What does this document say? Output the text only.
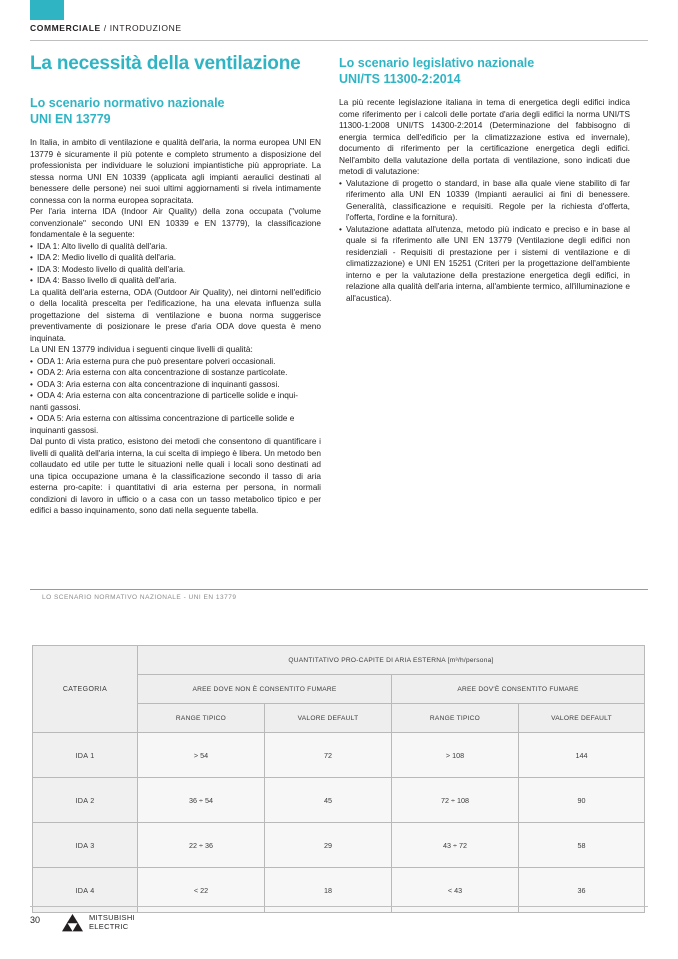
COMMERCIALE / INTRODUZIONE
La necessità della ventilazione
Lo scenario normativo nazionale
UNI EN 13779

In Italia, in ambito di ventilazione e qualità dell'aria, la norma europea UNI EN 13779 è sicuramente il più potente e completo strumento a disposizione del professionista per individuare le soluzioni impiantistiche più appropriate. La stessa norma UNI EN 10339 (applicata agli impianti aeraulici destinati al benessere delle persone) nei suoi ultimi aggiornamenti si rivela intimamente connessa con la norma europea sopracitata.

Per l'aria interna IDA (Indoor Air Quality) della zona occupata ("volume convenzionale" secondo UNI EN 10339 e EN 13779), la classificazione fondamentale è la seguente:

• IDA 1: Alto livello di qualità dell'aria.
• IDA 2: Medio livello di qualità dell'aria.
• IDA 3: Modesto livello di qualità dell'aria.
• IDA 4: Basso livello di qualità dell'aria.

La qualità dell'aria esterna, ODA (Outdoor Air Quality), nei dintorni nell'edificio o della località prescelta per l'edificazione, ha una elevata influenza sulla progettazione del sistema di ventilazione e buona norma suggerisce preventivamente di posizionare le prese d'aria ODA dove questa è meno inquinata.

La UNI EN 13779 individua i seguenti cinque livelli di qualità:

• ODA 1: Aria esterna pura che può presentare polveri occasionali.
• ODA 2: Aria esterna con alta concentrazione di sostanze particolate.
• ODA 3: Aria esterna con alta concentrazione di inquinanti gassosi.
• ODA 4: Aria esterna con alta concentrazione di particelle solide e inqui-
nanti gassosi.
• ODA 5: Aria esterna con altissima concentrazione di particelle solide e
inquinanti gassosi.

Dal punto di vista pratico, esistono dei metodi che consentono di quantificare i livelli di qualità dell'aria interna, la cui scelta di impiego è libera. Un metodo ben collaudato ed utile per tutte le situazioni nelle quali i locali sono destinati ad una tipica occupazione umana è la classificazione secondo il tasso di aria esterna pro-capite: i quantitativi di aria esterna per persona, in normali condizioni di lavoro in ufficio o a casa con un tasso metabolico tipico e per edifici a basso inquinamento, sono dati nella seguente tabella.

Lo scenario legislativo nazionale
UNI/TS 11300-2:2014

La più recente legislazione italiana in tema di energetica degli edifici indica come riferimento per i calcoli delle portate d'aria degli edifici la norma UNI/TS 11300-1:2008 UNI/TS 14300-2:2014 (Determinazione del fabbisogno di energia termica dell'edificio per la climatizzazione estiva ed invernale), documento di riferimento per la certificazione energetica degli edifici. Nell'ambito della valutazione della portata di ventilazione, sono indicati due metodi di valutazione:

• Valutazione di progetto o standard, in base alla quale viene stabilito di far riferimento alla UNI EN 10339 (Impianti aeraulici ai fini di benessere. Generalità, classificazione e requisiti. Regole per la richiesta d'offerta, l'offerta, l'ordine e la fornitura).
• Valutazione adattata all'utenza, metodo più indicato e preciso e in base al quale si fa riferimento alle UNI EN 13779 (Ventilazione degli edifici non residenziali - Requisiti di prestazione per i sistemi di ventilazione e di climatizzazione) e UNI EN 15251 (Criteri per la progettazione dell'ambiente interno e per la valutazione della prestazione energetica degli edifici, in relazione alla qualità dell'aria interna, all'ambiente termico, all'illuminazione e all'acustica).
LO SCENARIO NORMATIVO NAZIONALE - UNI EN 13779
CATEGORIA	QUANTITATIVO PRO-CAPITE DI ARIA ESTERNA [m³/h/persona]			
	AREE DOVE NON È CONSENTITO FUMARE		AREE DOV'È CONSENTITO FUMARE	
	RANGE TIPICO	VALORE DEFAULT	RANGE TIPICO	VALORE DEFAULT
IDA 1	> 54	72	> 108	144
IDA 2	36 ÷ 54	45	72 ÷ 108	90
IDA 3	22 ÷ 36	29	43 ÷ 72	58
IDA 4	< 22	18	< 43	36
30	MITSUBISHI
ELECTRIC
